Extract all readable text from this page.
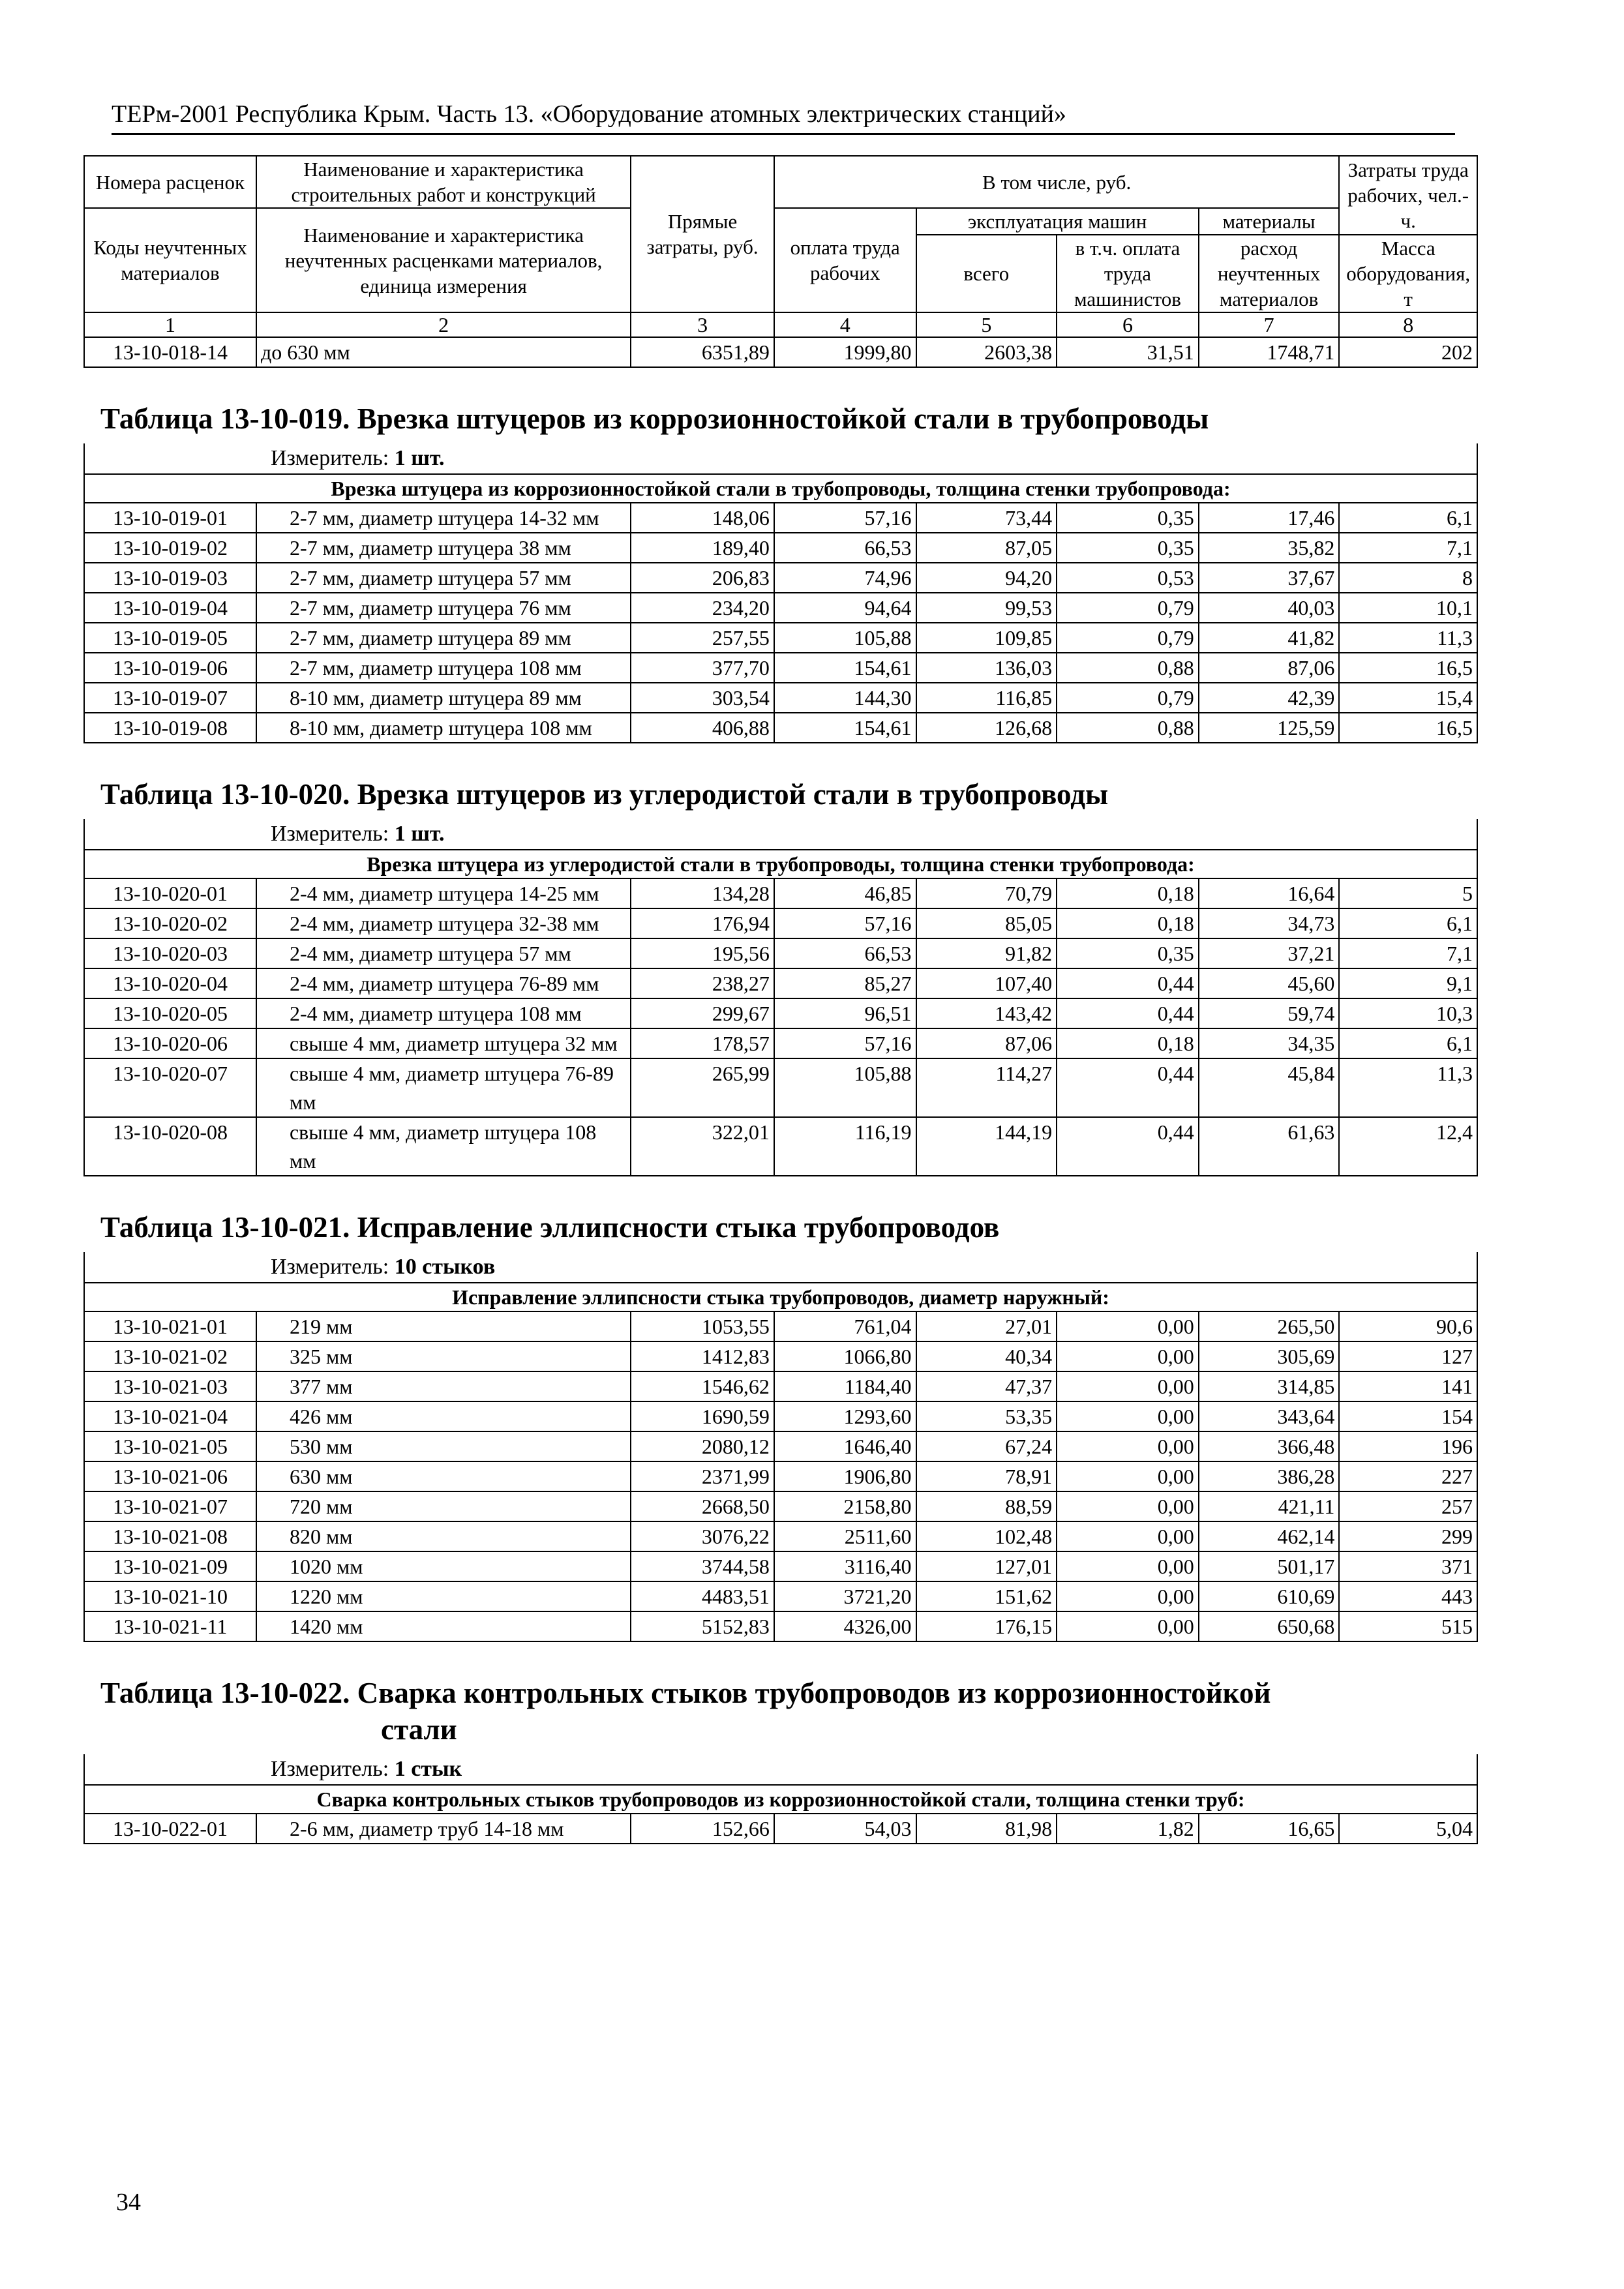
ТЕРм-2001 Республика Крым. Часть 13. «Оборудование атомных электрических станций»
Номера расценок	Наименование и характеристика строительных работ и конструкций	Прямые затраты, руб.	В том числе, руб.				Затраты труда рабочих, чел.-ч.
Коды неучтенных материалов	Наименование и характеристика неучтенных расценками материалов, единица измерения		оплата труда рабочих	эксплуатация машин		материалы	
				всего	в т.ч. оплата труда машинистов	расход неучтенных материалов	Масса оборудования, т
1	2	3	4	5	6	7	8
13-10-018-14	до 630 мм	6351,89	1999,80	2603,38	31,51	1748,71	202
Таблица 13-10-019. Врезка штуцеров из коррозионностойкой стали в трубопроводы							
Измеритель: 1 шт.							
Врезка штуцера из коррозионностойкой стали в трубопроводы, толщина стенки трубопровода:							
13-10-019-01	2-7 мм, диаметр штуцера 14-32 мм	148,06	57,16	73,44	0,35	17,46	6,1
13-10-019-02	2-7 мм, диаметр штуцера 38 мм	189,40	66,53	87,05	0,35	35,82	7,1
13-10-019-03	2-7 мм, диаметр штуцера 57 мм	206,83	74,96	94,20	0,53	37,67	8
13-10-019-04	2-7 мм, диаметр штуцера 76 мм	234,20	94,64	99,53	0,79	40,03	10,1
13-10-019-05	2-7 мм, диаметр штуцера 89 мм	257,55	105,88	109,85	0,79	41,82	11,3
13-10-019-06	2-7 мм, диаметр штуцера 108 мм	377,70	154,61	136,03	0,88	87,06	16,5
13-10-019-07	8-10 мм, диаметр штуцера 89 мм	303,54	144,30	116,85	0,79	42,39	15,4
13-10-019-08	8-10 мм, диаметр штуцера 108 мм	406,88	154,61	126,68	0,88	125,59	16,5
Таблица 13-10-020. Врезка штуцеров из углеродистой стали в трубопроводы							
Измеритель: 1 шт.							
Врезка штуцера из углеродистой стали в трубопроводы, толщина стенки трубопровода:							
13-10-020-01	2-4 мм, диаметр штуцера 14-25 мм	134,28	46,85	70,79	0,18	16,64	5
13-10-020-02	2-4 мм, диаметр штуцера 32-38 мм	176,94	57,16	85,05	0,18	34,73	6,1
13-10-020-03	2-4 мм, диаметр штуцера 57 мм	195,56	66,53	91,82	0,35	37,21	7,1
13-10-020-04	2-4 мм, диаметр штуцера 76-89 мм	238,27	85,27	107,40	0,44	45,60	9,1
13-10-020-05	2-4 мм, диаметр штуцера 108 мм	299,67	96,51	143,42	0,44	59,74	10,3
13-10-020-06	свыше 4 мм, диаметр штуцера 32 мм	178,57	57,16	87,06	0,18	34,35	6,1
13-10-020-07	свыше 4 мм, диаметр штуцера 76-89 мм	265,99	105,88	114,27	0,44	45,84	11,3
13-10-020-08	свыше 4 мм, диаметр штуцера 108 мм	322,01	116,19	144,19	0,44	61,63	12,4
Таблица 13-10-021. Исправление эллипсности стыка трубопроводов							
Измеритель: 10 стыков							
Исправление эллипсности стыка трубопроводов, диаметр наружный:							
13-10-021-01	219 мм	1053,55	761,04	27,01	0,00	265,50	90,6
13-10-021-02	325 мм	1412,83	1066,80	40,34	0,00	305,69	127
13-10-021-03	377 мм	1546,62	1184,40	47,37	0,00	314,85	141
13-10-021-04	426 мм	1690,59	1293,60	53,35	0,00	343,64	154
13-10-021-05	530 мм	2080,12	1646,40	67,24	0,00	366,48	196
13-10-021-06	630 мм	2371,99	1906,80	78,91	0,00	386,28	227
13-10-021-07	720 мм	2668,50	2158,80	88,59	0,00	421,11	257
13-10-021-08	820 мм	3076,22	2511,60	102,48	0,00	462,14	299
13-10-021-09	1020 мм	3744,58	3116,40	127,01	0,00	501,17	371
13-10-021-10	1220 мм	4483,51	3721,20	151,62	0,00	610,69	443
13-10-021-11	1420 мм	5152,83	4326,00	176,15	0,00	650,68	515
Таблица 13-10-022. Сварка контрольных стыков трубопроводов из коррозионностойкой
стали							

Измеритель: 1 стык							
Сварка контрольных стыков трубопроводов из коррозионностойкой стали, толщина стенки труб:							
13-10-022-01	2-6 мм, диаметр труб 14-18 мм	152,66	54,03	81,98	1,82	16,65	5,04
34
